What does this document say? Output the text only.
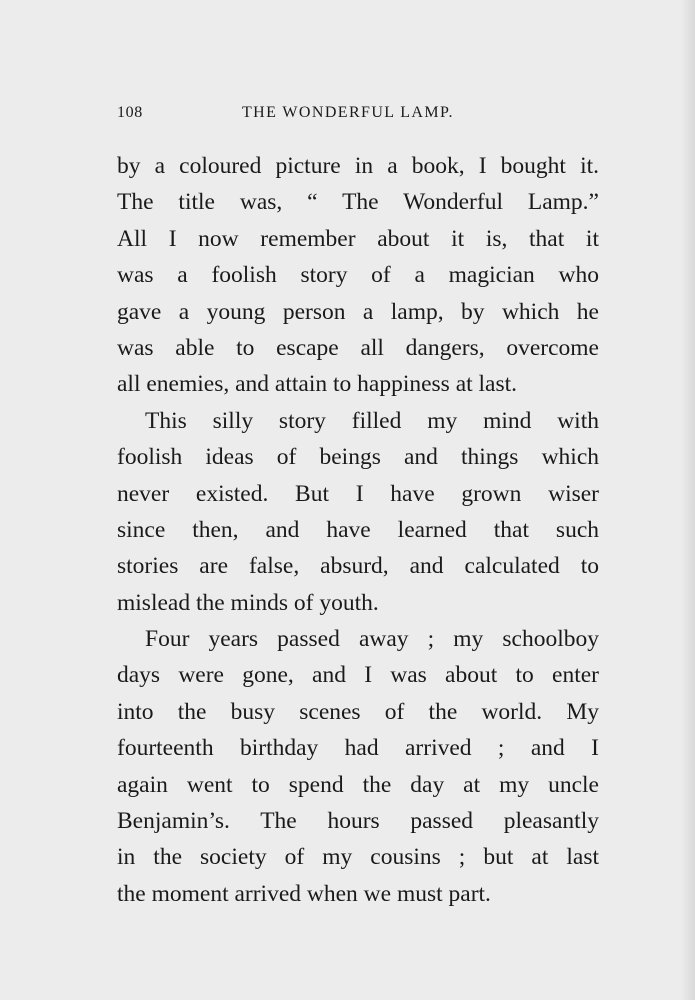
108	THE WONDERFUL LAMP.
by a coloured picture in a book, I bought it.
The title was, “ The Wonderful Lamp.”
All I now remember about it is, that it
was a foolish story of a magician who
gave a young person a lamp, by which he
was able to escape all dangers, overcome
all enemies, and attain to happiness at last.
This silly story filled my mind with
foolish ideas of beings and things which
never existed. But I have grown wiser
since then, and have learned that such
stories are false, absurd, and calculated to
mislead the minds of youth.
Four years passed away ; my schoolboy
days were gone, and I was about to enter
into the busy scenes of the world. My
fourteenth birthday had arrived ; and I
again went to spend the day at my uncle
Benjamin’s. The hours passed pleasantly
in the society of my cousins ; but at last
the moment arrived when we must part.
